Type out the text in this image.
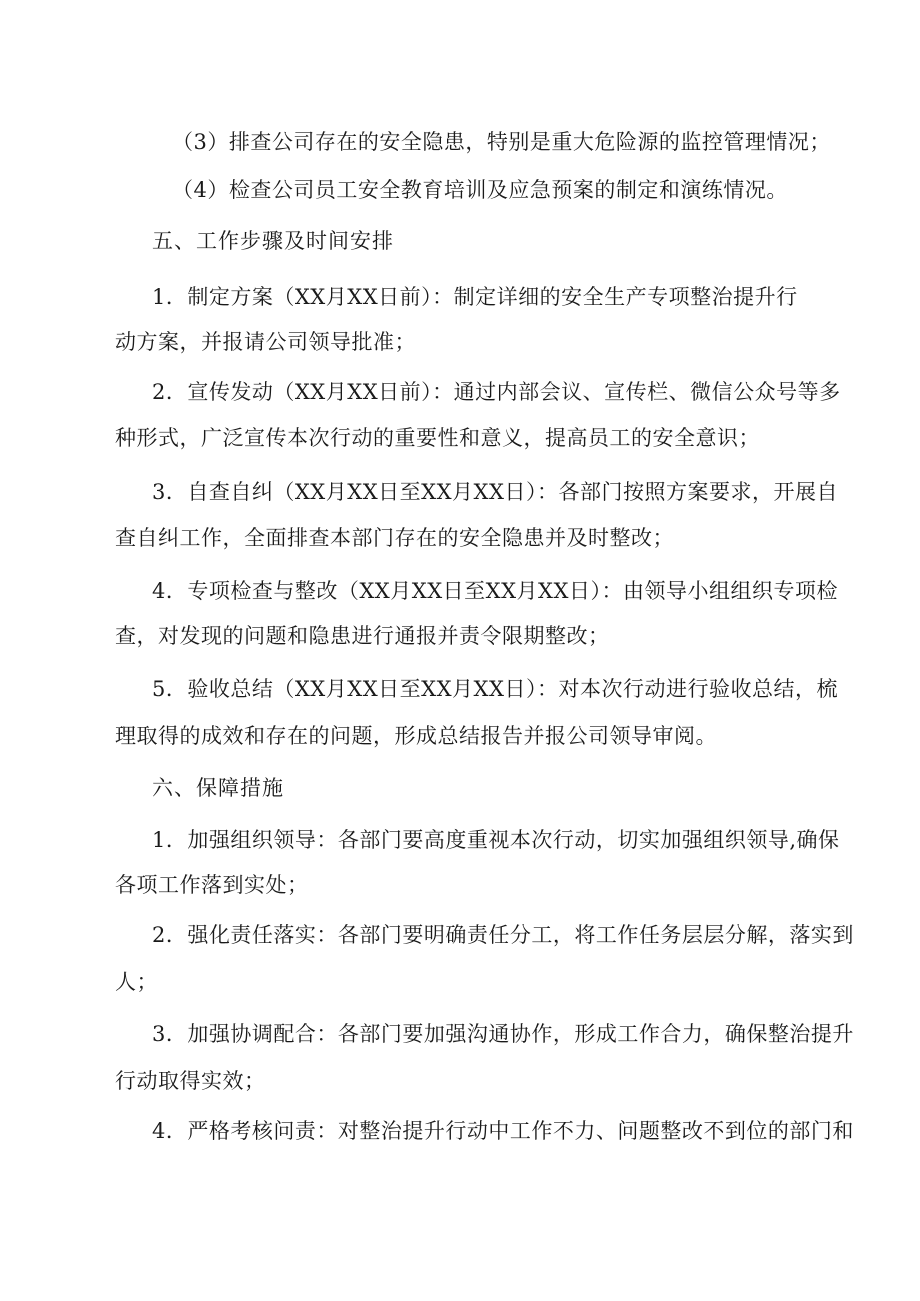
（3）排查公司存在的安全隐患，特别是重大危险源的监控管理情况；
（4）检查公司员工安全教育培训及应急预案的制定和演练情况。
五、工作步骤及时间安排
1．制定方案（XX月XX日前）：制定详细的安全生产专项整治提升行
动方案，并报请公司领导批准；
2．宣传发动（XX月XX日前）：通过内部会议、宣传栏、微信公众号等多
种形式，广泛宣传本次行动的重要性和意义，提高员工的安全意识；
3．自查自纠（XX月XX日至XX月XX日）：各部门按照方案要求，开展自
查自纠工作，全面排查本部门存在的安全隐患并及时整改；
4．专项检查与整改（XX月XX日至XX月XX日）：由领导小组组织专项检
查，对发现的问题和隐患进行通报并责令限期整改；
5．验收总结（XX月XX日至XX月XX日）：对本次行动进行验收总结，梳
理取得的成效和存在的问题，形成总结报告并报公司领导审阅。
六、保障措施
1．加强组织领导：各部门要高度重视本次行动，切实加强组织领导,确保
各项工作落到实处；
2．强化责任落实：各部门要明确责任分工，将工作任务层层分解，落实到
人；
3．加强协调配合：各部门要加强沟通协作，形成工作合力，确保整治提升
行动取得实效；
4．严格考核问责：对整治提升行动中工作不力、问题整改不到位的部门和
